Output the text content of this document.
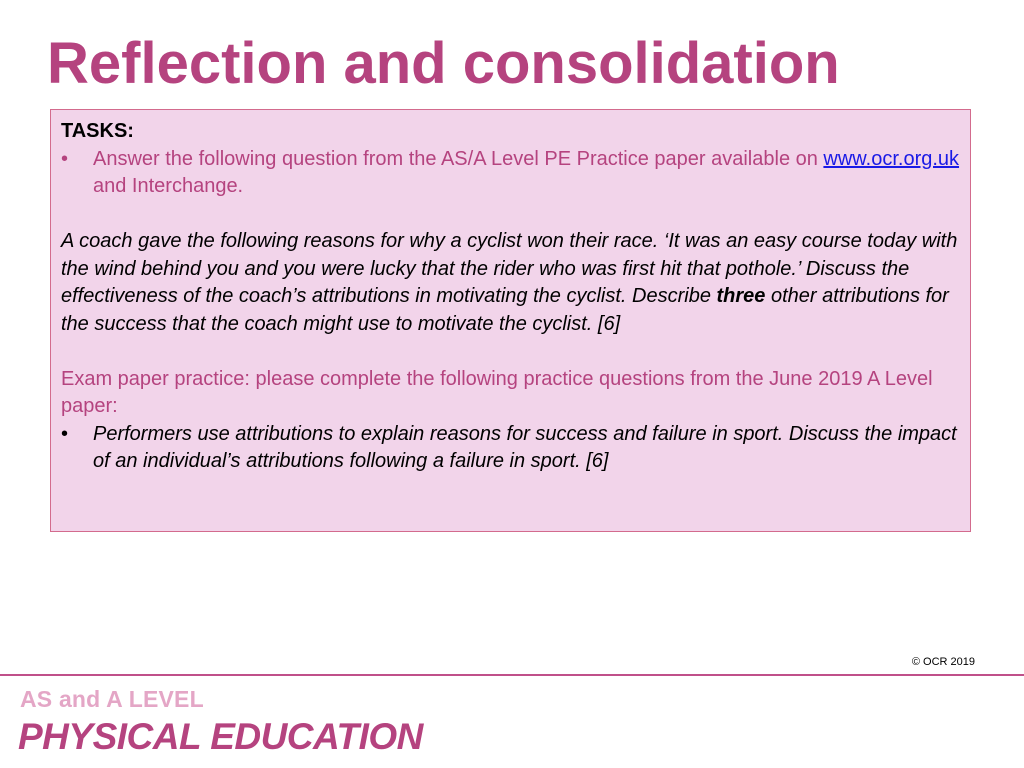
Reflection and consolidation
TASKS:
•	Answer the following question from the AS/A Level PE Practice paper available on www.ocr.org.uk and Interchange.
A coach gave the following reasons for why a cyclist won their race. ‘It was an easy course today with the wind behind you and you were lucky that the rider who was first hit that pothole.’ Discuss the effectiveness of the coach’s attributions in motivating the cyclist. Describe three other attributions for the success that the coach might use to motivate the cyclist. [6]
Exam paper practice: please complete the following practice questions from the June 2019 A Level paper:
•	Performers use attributions to explain reasons for success and failure in sport. Discuss the impact of an individual’s attributions following a failure in sport. [6]
© OCR 2019
AS and A LEVEL
PHYSICAL EDUCATION
